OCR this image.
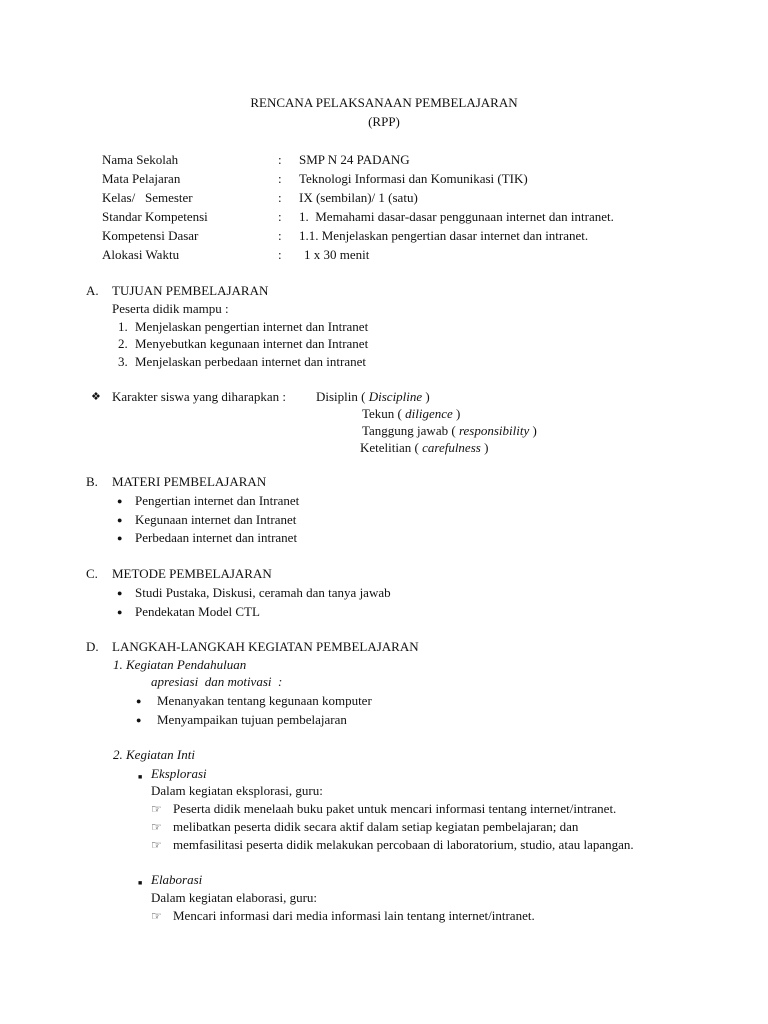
RENCANA PELAKSANAAN PEMBELAJARAN
(RPP)
Nama Sekolah	: SMP N 24 PADANG
Mata Pelajaran	: Teknologi Informasi dan Komunikasi (TIK)
Kelas/   Semester	: IX (sembilan)/ 1 (satu)
Standar Kompetensi	: 1.  Memahami dasar-dasar penggunaan internet dan intranet.
Kompetensi Dasar	: 1.1. Menjelaskan pengertian dasar internet dan intranet.
Alokasi Waktu	: 1 x 30 menit
A. TUJUAN PEMBELAJARAN
Peserta didik mampu :
1. Menjelaskan pengertian internet dan Intranet
2. Menyebutkan kegunaan internet dan Intranet
3. Menjelaskan perbedaan internet dan intranet
❖ Karakter siswa yang diharapkan : Disiplin ( Discipline )
Tekun ( diligence )
Tanggung jawab ( responsibility )
Ketelitian ( carefulness )
B. MATERI PEMBELAJARAN
● Pengertian internet dan Intranet
● Kegunaan internet dan Intranet
● Perbedaan internet dan intranet
C. METODE PEMBELAJARAN
● Studi Pustaka, Diskusi, ceramah dan tanya jawab
● Pendekatan Model CTL
D. LANGKAH-LANGKAH KEGIATAN PEMBELAJARAN
1. Kegiatan Pendahuluan
apresiasi  dan motivasi  :
● Menanyakan tentang kegunaan komputer
● Menyampaikan tujuan pembelajaran
2. Kegiatan Inti
■ Eksplorasi
Dalam kegiatan eksplorasi, guru:
☞ Peserta didik menelaah buku paket untuk mencari informasi tentang internet/intranet.
☞ melibatkan peserta didik secara aktif dalam setiap kegiatan pembelajaran; dan
☞ memfasilitasi peserta didik melakukan percobaan di laboratorium, studio, atau lapangan.
■ Elaborasi
Dalam kegiatan elaborasi, guru:
☞ Mencari informasi dari media informasi lain tentang internet/intranet.
